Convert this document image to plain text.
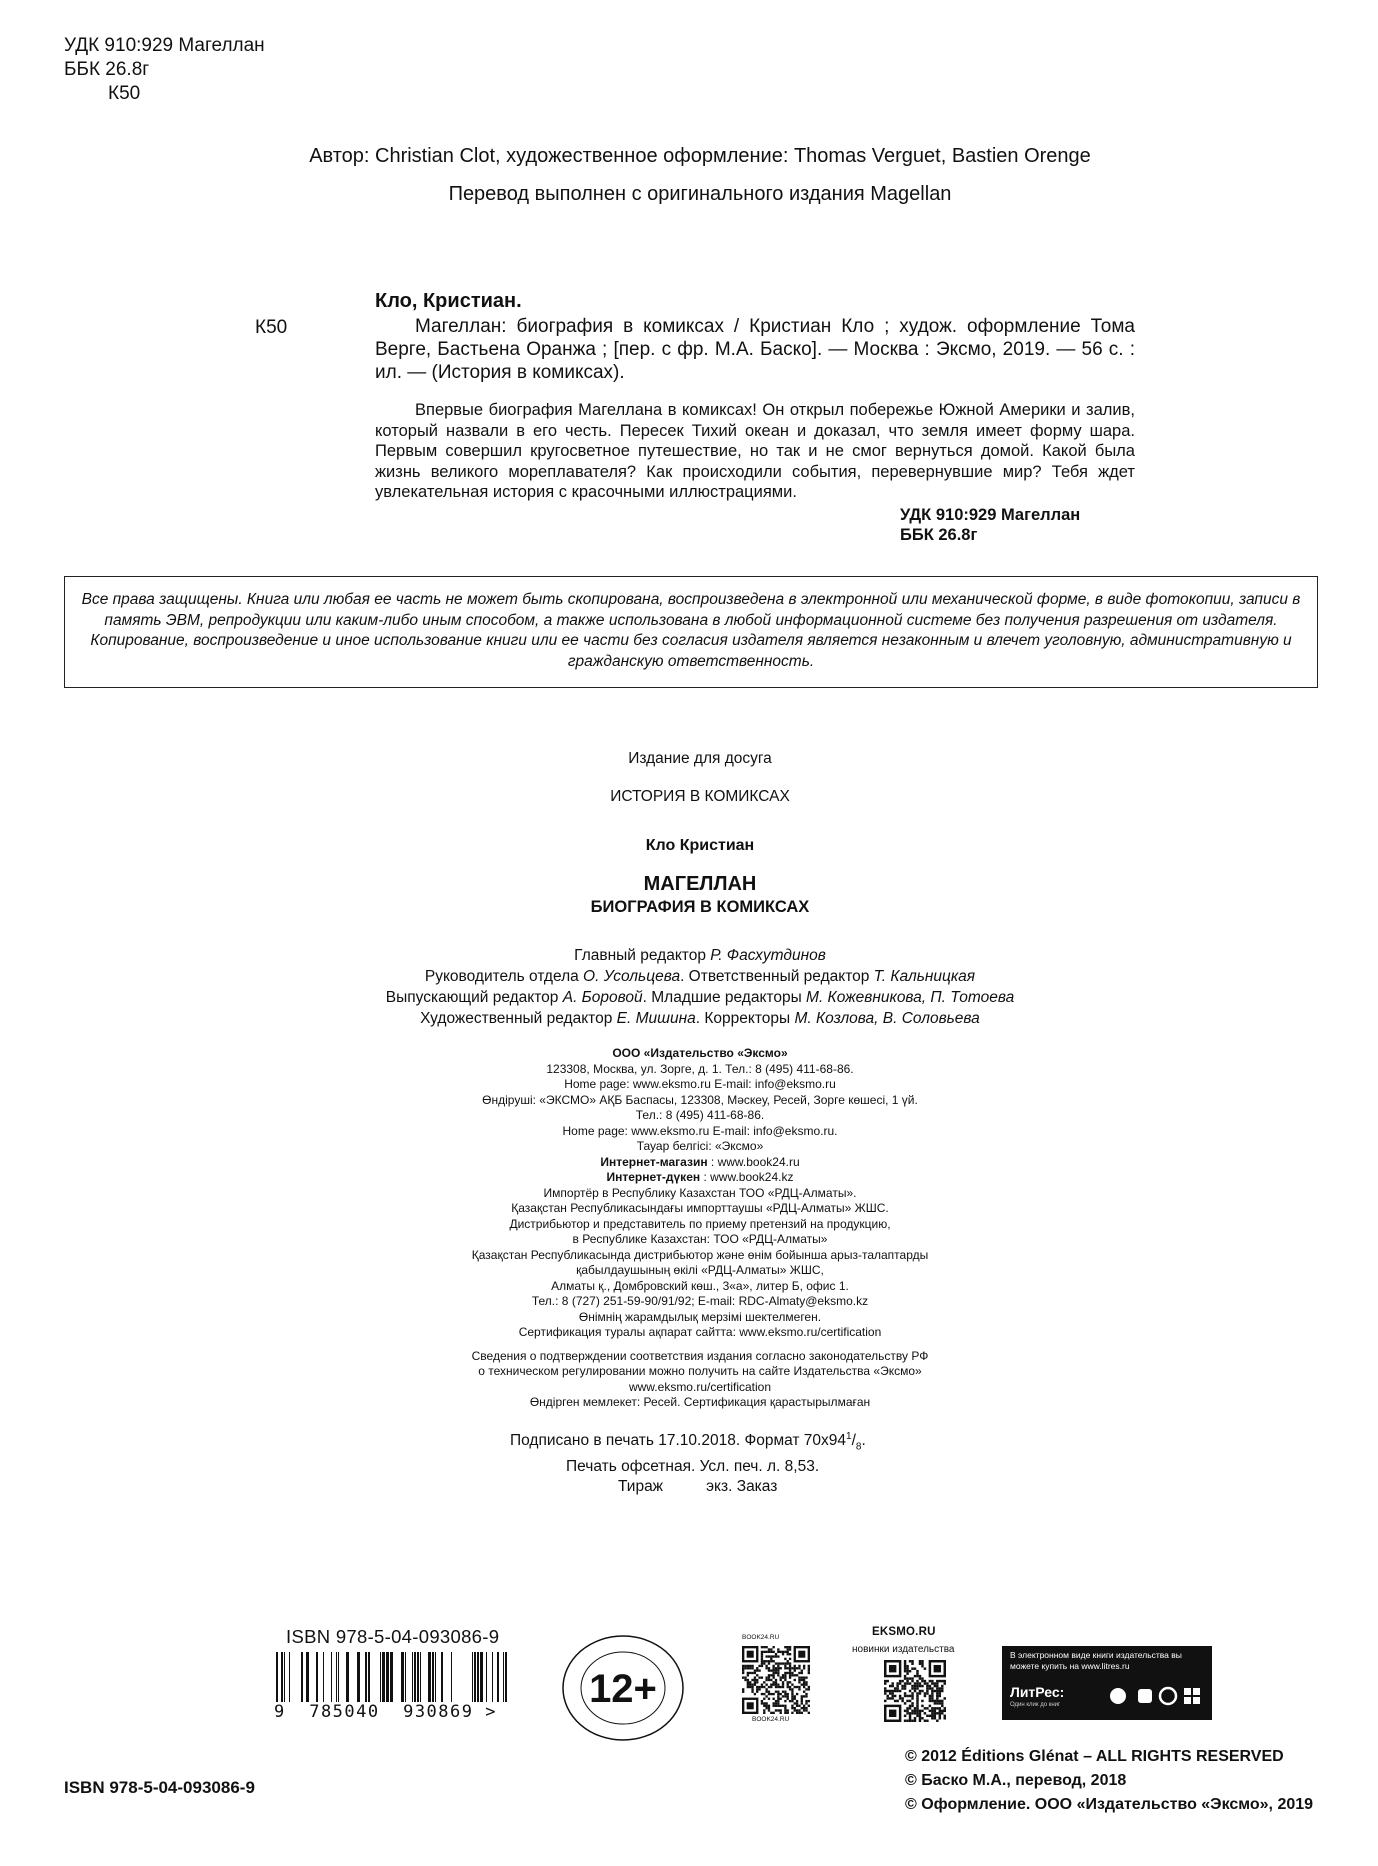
УДК 910:929 Магеллан
ББК 26.8г
К50
Автор: Christian Clot, художественное оформление: Thomas Verguet, Bastien Orenge
Перевод выполнен с оригинального издания Magellan
К50
Кло, Кристиан.
Магеллан: биография в комиксах / Кристиан Кло ; худож. оформление Тома Верге, Бастьена Оранжа ; [пер. с фр. М.А. Баско]. — Москва : Эксмо, 2019. — 56 с. : ил. — (История в комиксах).
Впервые биография Магеллана в комиксах! Он открыл побережье Южной Америки и залив, который назвали в его честь. Пересек Тихий океан и доказал, что земля имеет форму шара. Первым совершил кругосветное путешествие, но так и не смог вернуться домой. Какой была жизнь великого мореплавателя? Как происходили события, перевернувшие мир? Тебя ждет увлекательная история с красочными иллюстрациями.
УДК 910:929 Магеллан
ББК 26.8г
Все права защищены. Книга или любая ее часть не может быть скопирована, воспроизведена в электронной или механической форме, в виде фотокопии, записи в память ЭВМ, репродукции или каким-либо иным способом, а также использована в любой информационной системе без получения разрешения от издателя. Копирование, воспроизведение и иное использование книги или ее части без согласия издателя является незаконным и влечет уголовную, административную и гражданскую ответственность.
Издание для досуга
ИСТОРИЯ В КОМИКСАХ
Кло Кристиан
МАГЕЛЛАН
БИОГРАФИЯ В КОМИКСАХ
Главный редактор Р. Фасхутдинов
Руководитель отдела О. Усольцева. Ответственный редактор Т. Кальницкая
Выпускающий редактор А. Боровой. Младшие редакторы М. Кожевникова, П. Тотоева
Художественный редактор Е. Мишина. Корректоры М. Козлова, В. Соловьева
ООО «Издательство «Эксмо»
123308, Москва, ул. Зорге, д. 1. Тел.: 8 (495) 411-68-86.
Home page: www.eksmo.ru E-mail: info@eksmo.ru
Өндіруші: «ЭКСМО» АҚБ Баспасы, 123308, Мәскеу, Ресей, Зорге көшесі, 1 үй.
Тел.: 8 (495) 411-68-86.
Home page: www.eksmo.ru E-mail: info@eksmo.ru.
Тауар белгісі: «Эксмо»
Интернет-магазин : www.book24.ru
Интернет-дүкен : www.book24.kz
Импортёр в Республику Казахстан ТОО «РДЦ-Алматы».
Қазақстан Республикасындағы импорттаушы «РДЦ-Алматы» ЖШС.
Дистрибьютор и представитель по приему претензий на продукцию,
в Республике Казахстан: ТОО «РДЦ-Алматы»
Қазақстан Республикасында дистрибьютор және өнім бойынша арыз-талаптарды
қабылдаушының өкілі «РДЦ-Алматы» ЖШС,
Алматы қ., Домбровский көш., 3«а», литер Б, офис 1.
Тел.: 8 (727) 251-59-90/91/92; E-mail: RDC-Almaty@eksmo.kz
Өнімнің жарамдылық мерзімі шектелмеген.
Сертификация туралы ақпарат сайтта: www.eksmo.ru/certification
Сведения о подтверждении соответствия издания согласно законодательству РФ
о техническом регулировании можно получить на сайте Издательства «Эксмо»
www.eksmo.ru/certification
Өндірген мемлекет: Ресей. Сертификация қарастырылмаған
Подписано в печать 17.10.2018. Формат $70х94^1/_8$.
Печать офсетная. Усл. печ. л. 8,53.
Тираж          экз. Заказ
ISBN 978-5-04-093086-9
9  785040  930869 >
12+
BOOK24.RU
BOOK24.RU
EKSMO.RU
новинки издательства	В электронном виде книги издательства вы можете купить на www.litres.ru
ЛитРес:
Один клик до книг
© 2012 Éditions Glénat – ALL RIGHTS RESERVED
© Баско М.А., перевод, 2018
© Оформление. ООО «Издательство «Эксмо», 2019
ISBN 978-5-04-093086-9
